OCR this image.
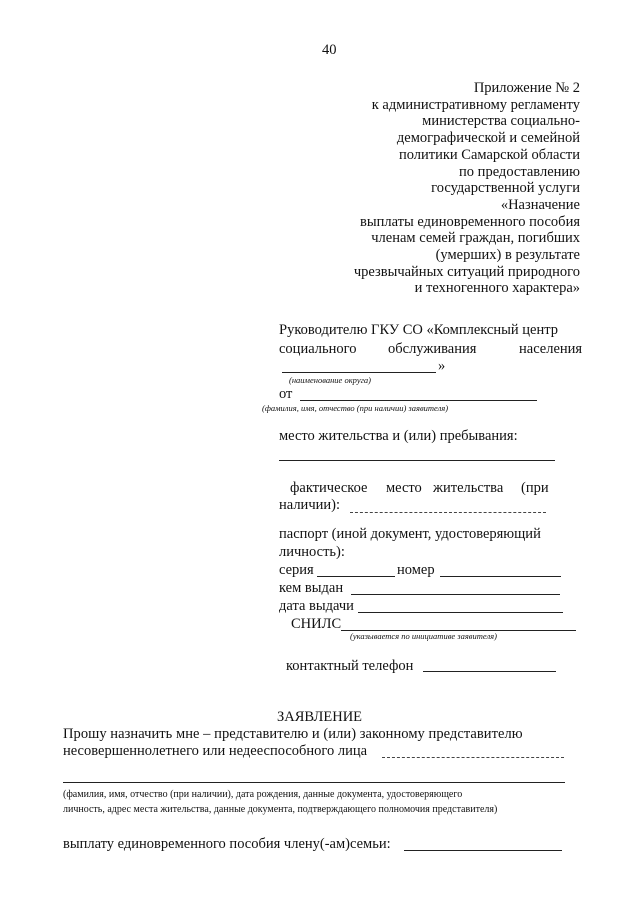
40
Приложение № 2
к административному регламенту
министерства социально-
демографической и семейной
политики Самарской области
по предоставлению
государственной услуги
«Назначение
выплаты единовременного пособия
членам семей граждан, погибших
(умерших) в результате
чрезвычайных ситуаций природного
и техногенного характера»
Руководителю ГКУ СО «Комплексный центр
социального обслуживания	населения
»
(наименование округа)
от
(фамилия, имя, отчество (при наличии) заявителя)
место жительства и (или) пребывания:
фактическое место жительства (при
наличии):
паспорт (иной документ, удостоверяющий
личность):
серия	номер
кем выдан
дата выдачи
СНИЛС
(указывается по инициативе заявителя)
контактный телефон
ЗАЯВЛЕНИЕ
Прошу назначить мне – представителю и (или) законному представителю
несовершеннолетнего или недееспособного лица
(фамилия, имя, отчество (при наличии), дата рождения, данные документа, удостоверяющего
личность, адрес места жительства, данные документа, подтверждающего полномочия представителя)
выплату единовременного пособия члену(-ам)семьи:
